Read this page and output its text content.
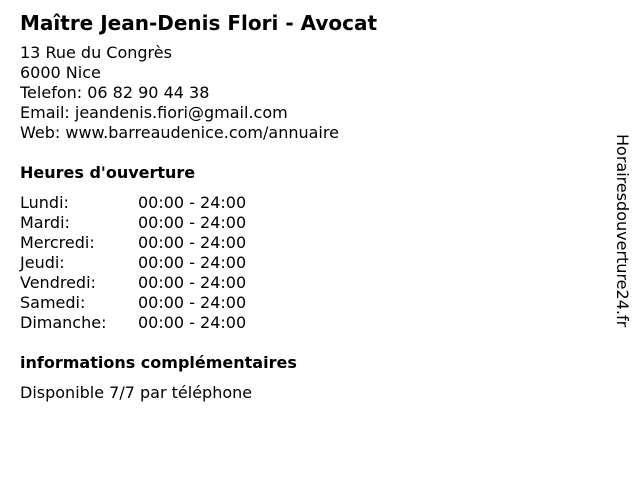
Maître Jean-Denis Flori - Avocat
13 Rue du Congrès
6000 Nice
Telefon: 06 82 90 44 38
Email: jeandenis.fiori@gmail.com
Web: www.barreaudenice.com/annuaire
Heures d'ouverture
Lundi:	00:00 - 24:00
Mardi:	00:00 - 24:00
Mercredi:	00:00 - 24:00
Jeudi:	00:00 - 24:00
Vendredi:	00:00 - 24:00
Samedi:	00:00 - 24:00
Dimanche:	00:00 - 24:00
informations complémentaires
Disponible 7/7 par téléphone
Horairesdouverture24.fr
